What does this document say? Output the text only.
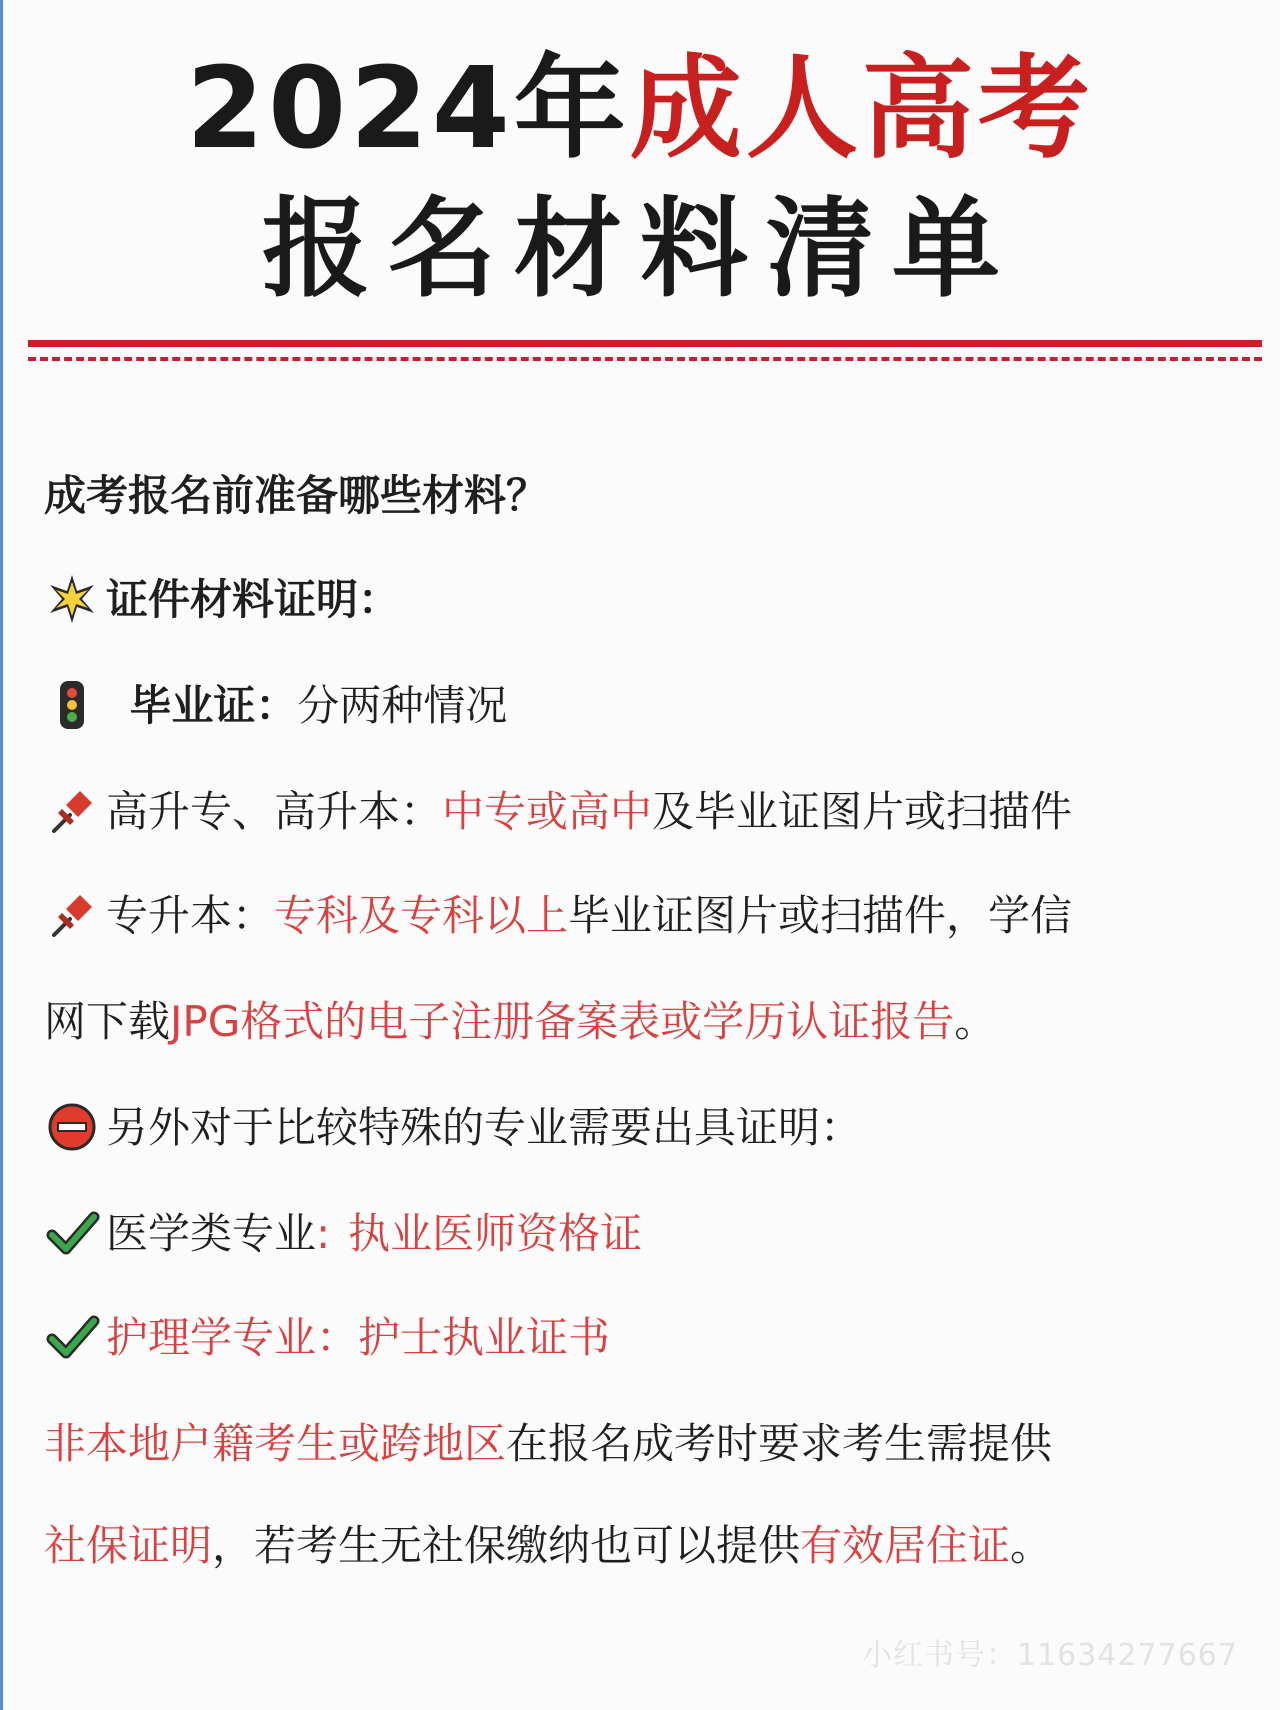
2024年成人高考
报名材料清单
成考报名前准备哪些材料？
证件材料证明：
毕业证：分两种情况
高升专、高升本：中专或高中及毕业证图片或扫描件
专升本：专科及专科以上毕业证图片或扫描件，学信
网下载JPG格式的电子注册备案表或学历认证报告。
另外对于比较特殊的专业需要出具证明：
医学类专业: 执业医师资格证
护理学专业：护士执业证书
非本地户籍考生或跨地区在报名成考时要求考生需提供
社保证明，若考生无社保缴纳也可以提供有效居住证。
小红书号：11634277667
